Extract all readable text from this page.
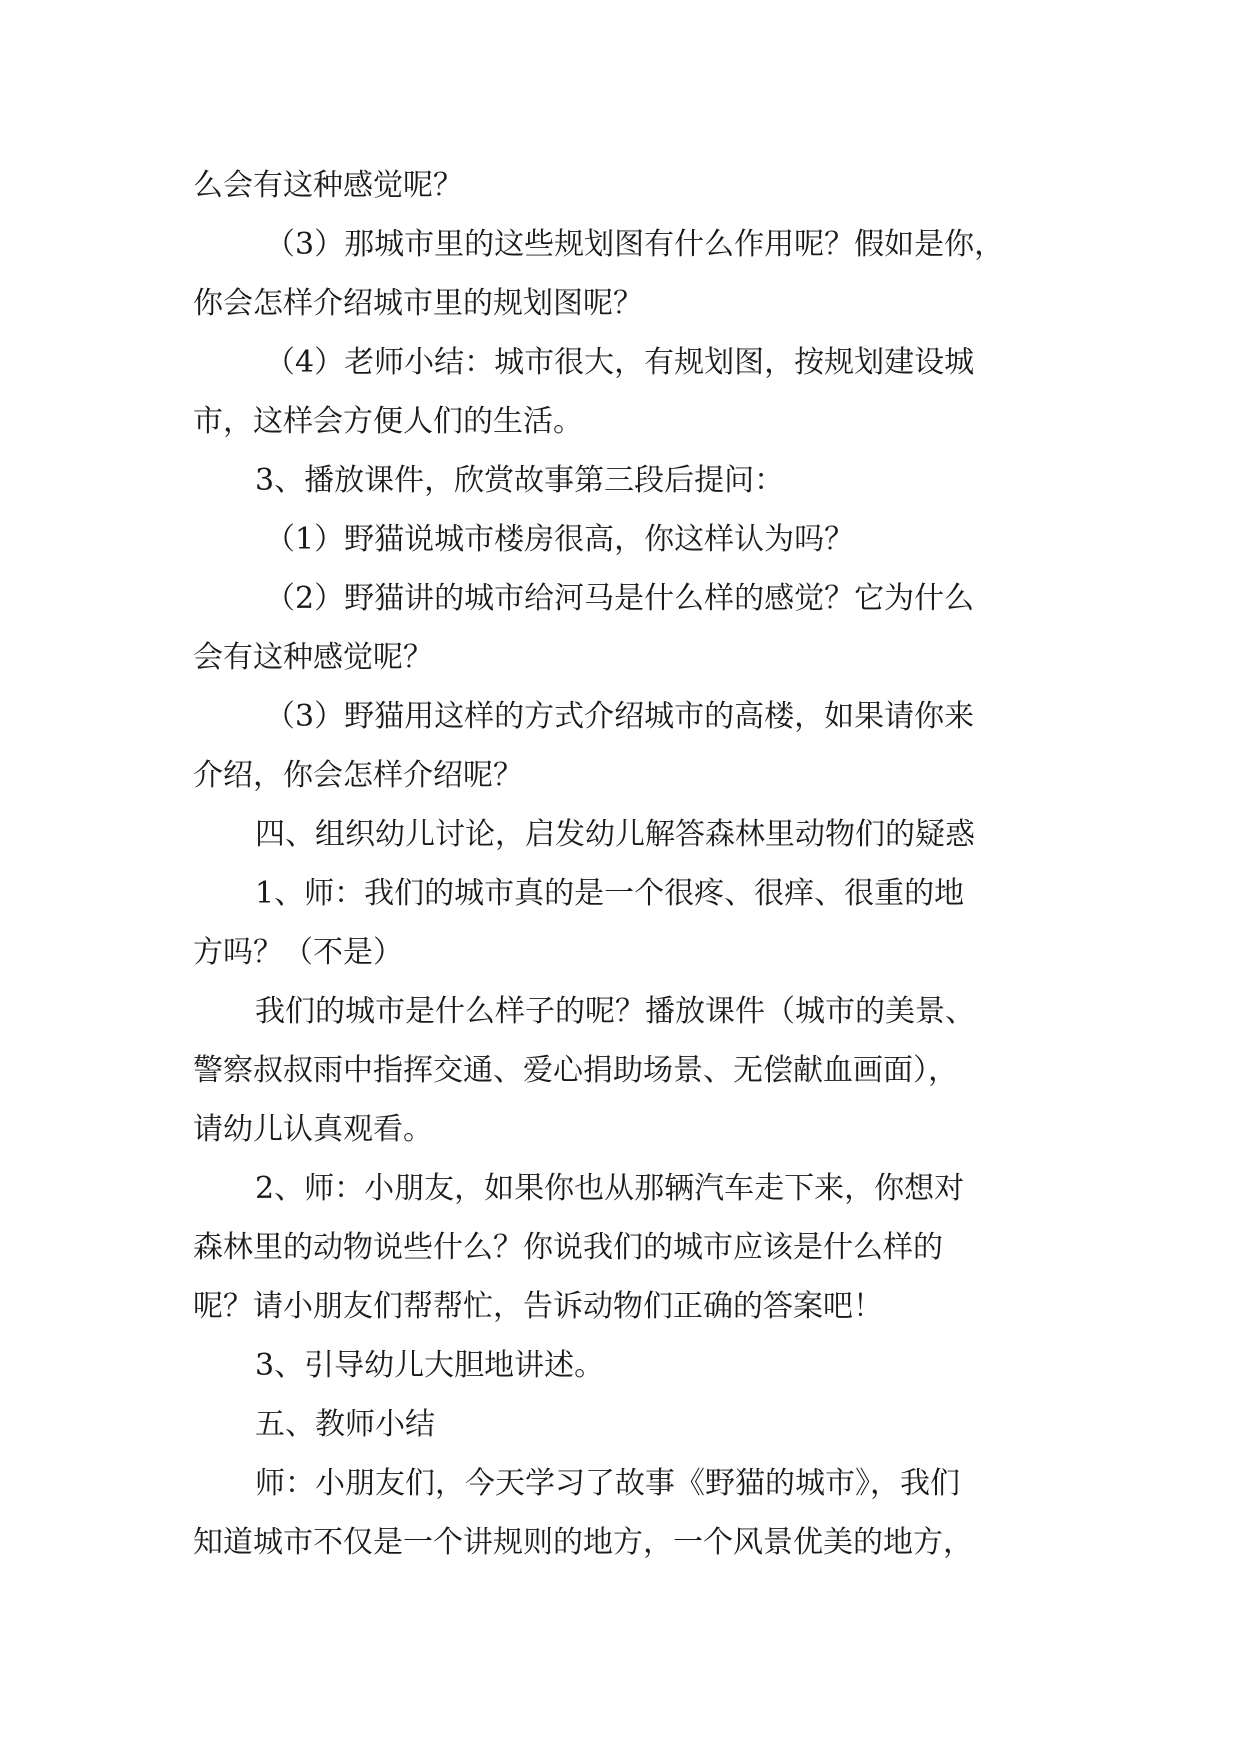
么会有这种感觉呢？
（3）那城市里的这些规划图有什么作用呢？假如是你，
你会怎样介绍城市里的规划图呢？
（4）老师小结：城市很大，有规划图，按规划建设城
市，这样会方便人们的生活。
3、播放课件，欣赏故事第三段后提问：
（1）野猫说城市楼房很高，你这样认为吗？
（2）野猫讲的城市给河马是什么样的感觉？它为什么
会有这种感觉呢？
（3）野猫用这样的方式介绍城市的高楼，如果请你来
介绍，你会怎样介绍呢？
四、组织幼儿讨论，启发幼儿解答森林里动物们的疑惑
1、师：我们的城市真的是一个很疼、很痒、很重的地
方吗？（不是）
我们的城市是什么样子的呢？播放课件（城市的美景、
警察叔叔雨中指挥交通、爱心捐助场景、无偿献血画面），
请幼儿认真观看。
2、师：小朋友，如果你也从那辆汽车走下来，你想对
森林里的动物说些什么？你说我们的城市应该是什么样的
呢？请小朋友们帮帮忙，告诉动物们正确的答案吧！
3、引导幼儿大胆地讲述。
五、教师小结
师：小朋友们，今天学习了故事《野猫的城市》，我们
知道城市不仅是一个讲规则的地方，一个风景优美的地方，
